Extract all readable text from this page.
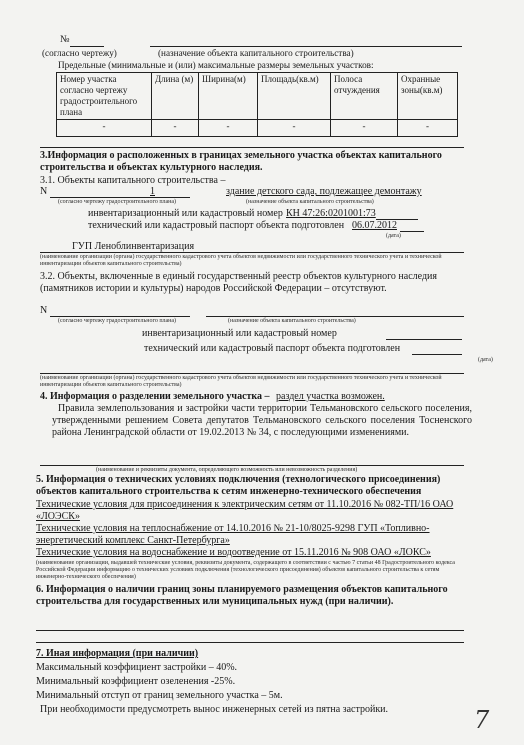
№
(согласно чертежу)	(назначение объекта капитального строительства)
Предельные (минимальные и (или) максимальные размеры земельных участков:
Номер участка согласно чертежу градостроительного плана	Длина (м)	Ширина(м)	Площадь(кв.м)	Полоса отчуждения	Охранные зоны(кв.м)
-	-	-	-	-	-
3.Информация о расположенных в границах земельного участка объектах капитального строительства и объектах культурного наследия.
3.1. Объекты капитального строительства –
N	1	здание детского сада, подлежащее демонтажу
(согласно чертежу градостроительного плана)	(назначение объекта капитального строительства)
инвентаризационный или кадастровый номер КН 47:26:0201001:73
технический или кадастровый паспорт объекта подготовлен 06.07.2012
(дата)
ГУП Леноблинвентаризация
(наименование организации (органа) государственного кадастрового учета объектов недвижимости или государственного технического учета и технической инвентаризации объектов капитального строительства)
3.2. Объекты, включенные в единый государственный реестр объектов культурного наследия (памятников истории и культуры) народов Российской Федерации – отсутствуют.
N
(согласно чертежу градостроительного плана)	(назначение объекта капитального строительства)
инвентаризационный или кадастровый номер
технический или кадастровый паспорт объекта подготовлен
(дата)
(наименование организации (органа) государственного кадастрового учета объектов недвижимости или государственного технического учета и технической инвентаризации объектов капитального строительства)
4. Информация о разделении земельного участка – раздел участка возможен.
Правила землепользования и застройки части территории Тельмановского сельского поселения, утвержденными решением Совета депутатов Тельмановского сельского поселения Тосненского района Ленинградской области от 19.02.2013 № 34, с последующими изменениями.
(наименование и реквизиты документа, определяющего возможность или невозможность разделения)
5. Информация о технических условиях подключения (технологического присоединения) объектов капитального строительства к сетям инженерно-технического обеспечения
Технические условия для присоединения к электрическим сетям от 11.10.2016 № 082-ТП/16 ОАО «ЛОЭСК»
Технические условия на теплоснабжение от 14.10.2016 № 21-10/8025-9298 ГУП «Топливно-энергетический комплекс Санкт-Петербурга»
Технические условия на водоснабжение и водоотведение от 15.11.2016 № 908 ОАО «ЛОКС»
(наименование организации, выдавшей технические условия, реквизиты документа, содержащего в соответствии с частью 7 статьи 48 Градостроительного кодекса Российской Федерации информацию о технических условиях подключения (технологического присоединения) объектов капитального строительства к сетям инженерно-технического обеспечения)
6. Информация о наличии границ зоны планируемого размещения объектов капитального строительства для государственных или муниципальных нужд (при наличии).
7. Иная информация (при наличии)
Максимальный коэффициент застройки – 40%.
Минимальный коэффициент озеленения -25%.
Минимальный отступ от границ земельного участка – 5м.
При необходимости предусмотреть вынос инженерных сетей из пятна застройки.	7
